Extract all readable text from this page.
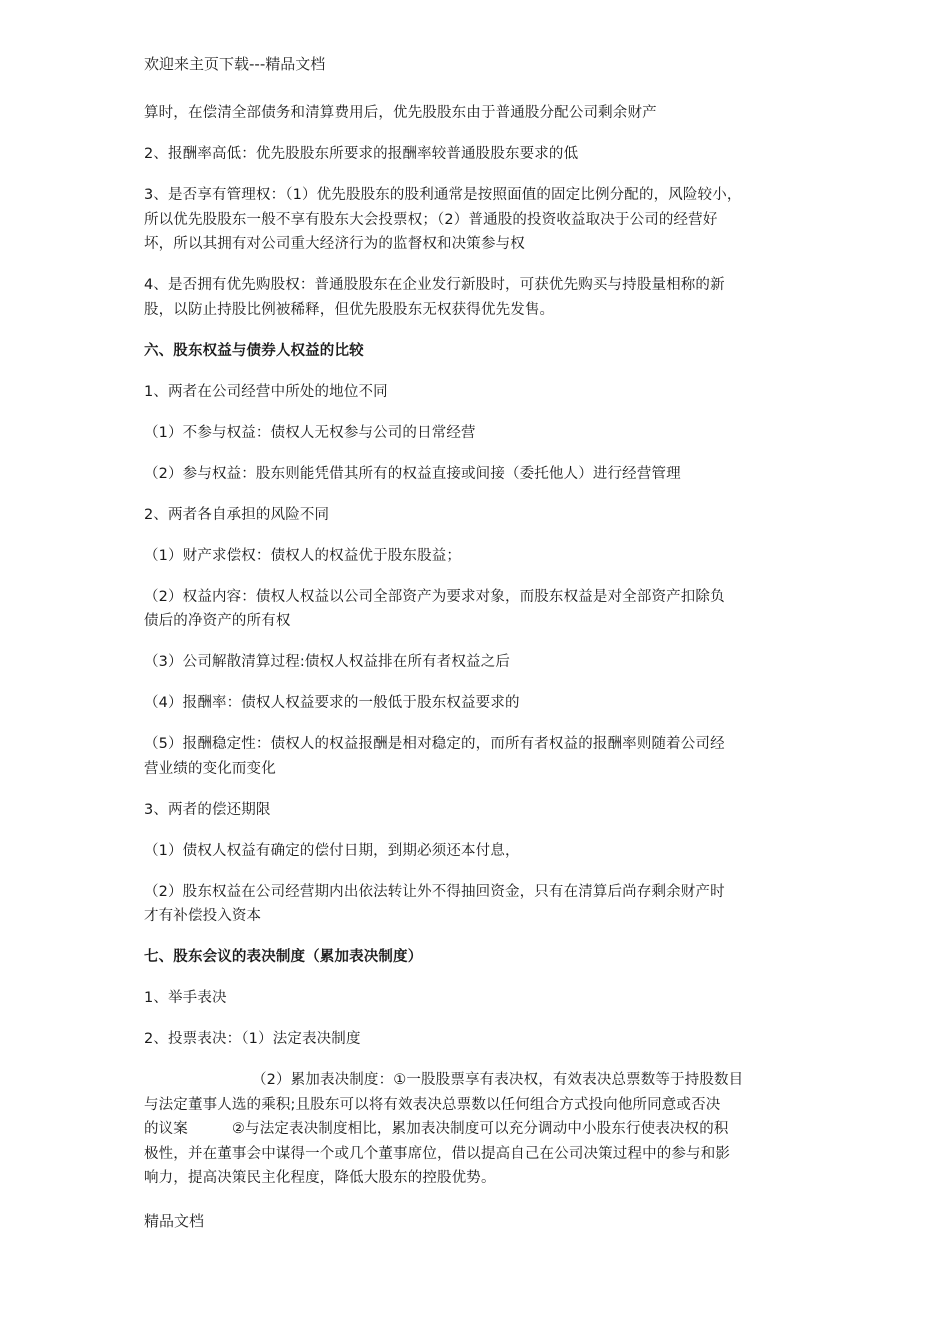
欢迎来主页下载---精品文档
算时，在偿清全部债务和清算费用后，优先股股东由于普通股分配公司剩余财产
2、报酬率高低：优先股股东所要求的报酬率较普通股股东要求的低
3、是否享有管理权：（1）优先股股东的股利通常是按照面值的固定比例分配的，风险较小，
所以优先股股东一般不享有股东大会投票权；（2）普通股的投资收益取决于公司的经营好
坏，所以其拥有对公司重大经济行为的监督权和决策参与权
4、是否拥有优先购股权：普通股股东在企业发行新股时，可获优先购买与持股量相称的新
股，以防止持股比例被稀释，但优先股股东无权获得优先发售。
六、股东权益与债券人权益的比较
1、两者在公司经营中所处的地位不同
（1）不参与权益：债权人无权参与公司的日常经营
（2）参与权益：股东则能凭借其所有的权益直接或间接（委托他人）进行经营管理
2、两者各自承担的风险不同
（1）财产求偿权：债权人的权益优于股东股益；
（2）权益内容：债权人权益以公司全部资产为要求对象，而股东权益是对全部资产扣除负
债后的净资产的所有权
（3）公司解散清算过程:债权人权益排在所有者权益之后
（4）报酬率：债权人权益要求的一般低于股东权益要求的
（5）报酬稳定性：债权人的权益报酬是相对稳定的，而所有者权益的报酬率则随着公司经
营业绩的变化而变化
3、两者的偿还期限
（1）债权人权益有确定的偿付日期，到期必须还本付息，
（2）股东权益在公司经营期内出依法转让外不得抽回资金，只有在清算后尚存剩余财产时
才有补偿投入资本
七、股东会议的表决制度（累加表决制度）
1、举手表决
2、投票表决：（1）法定表决制度
（2）累加表决制度：①一股股票享有表决权，有效表决总票数等于持股数目
与法定董事人选的乘积;且股东可以将有效表决总票数以任何组合方式投向他所同意或否决
的议案　　　②与法定表决制度相比，累加表决制度可以充分调动中小股东行使表决权的积
极性，并在董事会中谋得一个或几个董事席位，借以提高自己在公司决策过程中的参与和影
响力，提高决策民主化程度，降低大股东的控股优势。
精品文档
